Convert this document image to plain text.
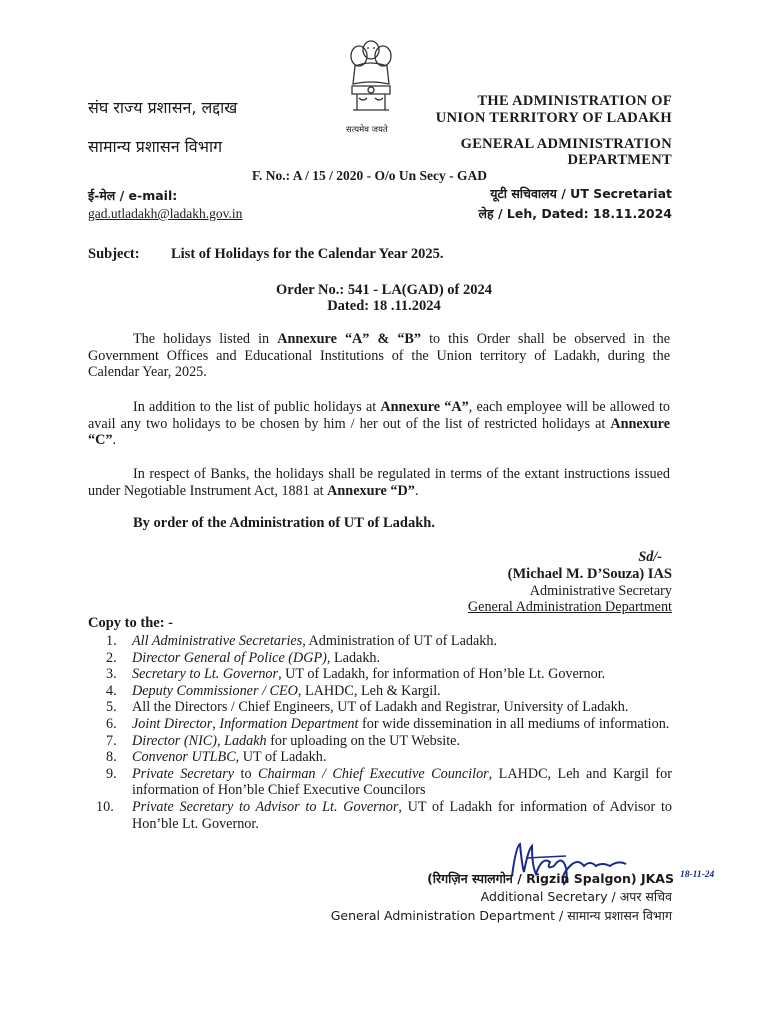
संघ राज्य प्रशासन, लद्दाख
सामान्य प्रशासन विभाग
सत्यमेव जयते
THE ADMINISTRATION OF
UNION TERRITORY OF LADAKH
GENERAL ADMINISTRATION
DEPARTMENT
F. No.: A / 15 / 2020 - O/o Un Secy - GAD
ई-मेल / e-mail:
gad.utladakh@ladakh.gov.in
यूटी सचिवालय / UT Secretariat
लेह / Leh, Dated: 18.11.2024
Subject: List of Holidays for the Calendar Year 2025.
Order No.: 541 - LA(GAD) of 2024
Dated: 18 .11.2024
The holidays listed in Annexure “A” & “B” to this Order shall be observed in the Government Offices and Educational Institutions of the Union territory of Ladakh, during the Calendar Year, 2025.
In addition to the list of public holidays at Annexure “A”, each employee will be allowed to avail any two holidays to be chosen by him / her out of the list of restricted holidays at Annexure “C”.
In respect of Banks, the holidays shall be regulated in terms of the extant instructions issued under Negotiable Instrument Act, 1881 at Annexure “D”.
By order of the Administration of UT of Ladakh.
Sd/-
(Michael M. D’Souza) IAS
Administrative Secretary
General Administration Department
Copy to the: -
1. All Administrative Secretaries, Administration of UT of Ladakh.
2. Director General of Police (DGP), Ladakh.
3. Secretary to Lt. Governor, UT of Ladakh, for information of Hon’ble Lt. Governor.
4. Deputy Commissioner / CEO, LAHDC, Leh & Kargil.
5. All the Directors / Chief Engineers, UT of Ladakh and Registrar, University of Ladakh.
6. Joint Director, Information Department for wide dissemination in all mediums of information.
7. Director (NIC), Ladakh for uploading on the UT Website.
8. Convenor UTLBC, UT of Ladakh.
9. Private Secretary to Chairman / Chief Executive Councilor, LAHDC, Leh and Kargil for information of Hon’ble Chief Executive Councilors
10. Private Secretary to Advisor to Lt. Governor, UT of Ladakh for information of Advisor to Hon’ble Lt. Governor.
18-11-24
(रिगज़िन स्पालगोन / Rigzin Spalgon) JKAS
Additional Secretary / अपर सचिव
General Administration Department / सामान्य प्रशासन विभाग
